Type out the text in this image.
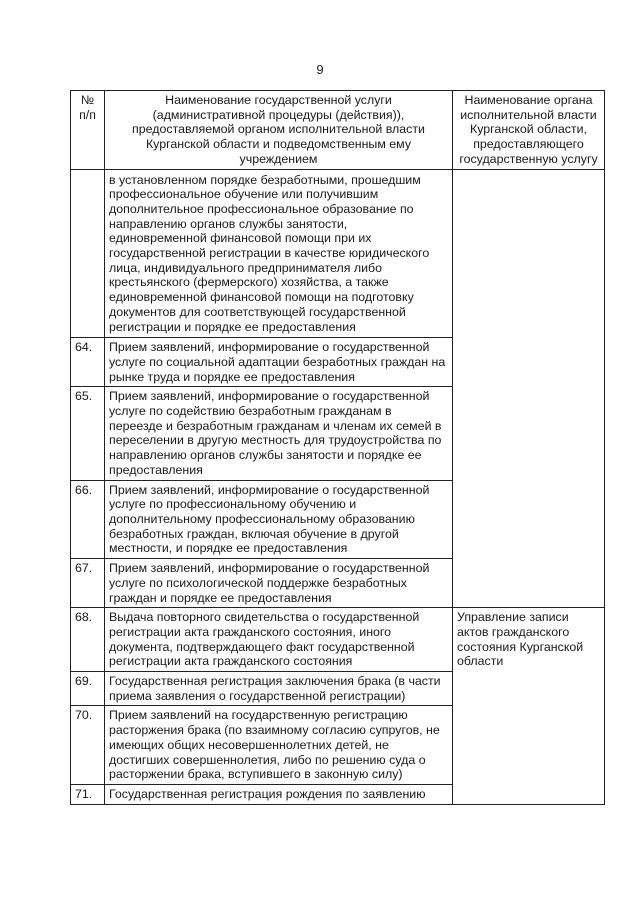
9
№ п/п	Наименование государственной услуги (административной процедуры (действия)), предоставляемой органом исполнительной власти Курганской области и подведомственным ему учреждением	Наименование органа исполнительной власти Курганской области, предоставляющего государственную услугу
	в установленном порядке безработными, прошедшим профессиональное обучение или получившим дополнительное профессиональное образование по направлению органов службы занятости, единовременной финансовой помощи при их государственной регистрации в качестве юридического лица, индивидуального предпринимателя либо крестьянского (фермерского) хозяйства, а также единовременной финансовой помощи на подготовку документов для соответствующей государственной регистрации и порядке ее предоставления	
64.	Прием заявлений, информирование о государственной услуге по социальной адаптации безработных граждан на рынке труда и порядке ее предоставления	
65.	Прием заявлений, информирование о государственной услуге по содействию безработным гражданам в переезде и безработным гражданам и членам их семей в переселении в другую местность для трудоустройства по направлению органов службы занятости и порядке ее предоставления	
66.	Прием заявлений, информирование о государственной услуге по профессиональному обучению и дополнительному профессиональному образованию безработных граждан, включая обучение в другой местности, и порядке ее предоставления	
67.	Прием заявлений, информирование о государственной услуге по психологической поддержке безработных граждан и порядке ее предоставления	
68.	Выдача повторного свидетельства о государственной регистрации акта гражданского состояния, иного документа, подтверждающего факт государственной регистрации акта гражданского состояния	Управление записи актов гражданского состояния Курганской области
69.	Государственная регистрация заключения брака (в части приема заявления о государственной регистрации)	
70.	Прием заявлений на государственную регистрацию расторжения брака (по взаимному согласию супругов, не имеющих общих несовершеннолетних детей, не достигших совершеннолетия, либо по решению суда о расторжении брака, вступившего в законную силу)	
71.	Государственная регистрация рождения по заявлению	
